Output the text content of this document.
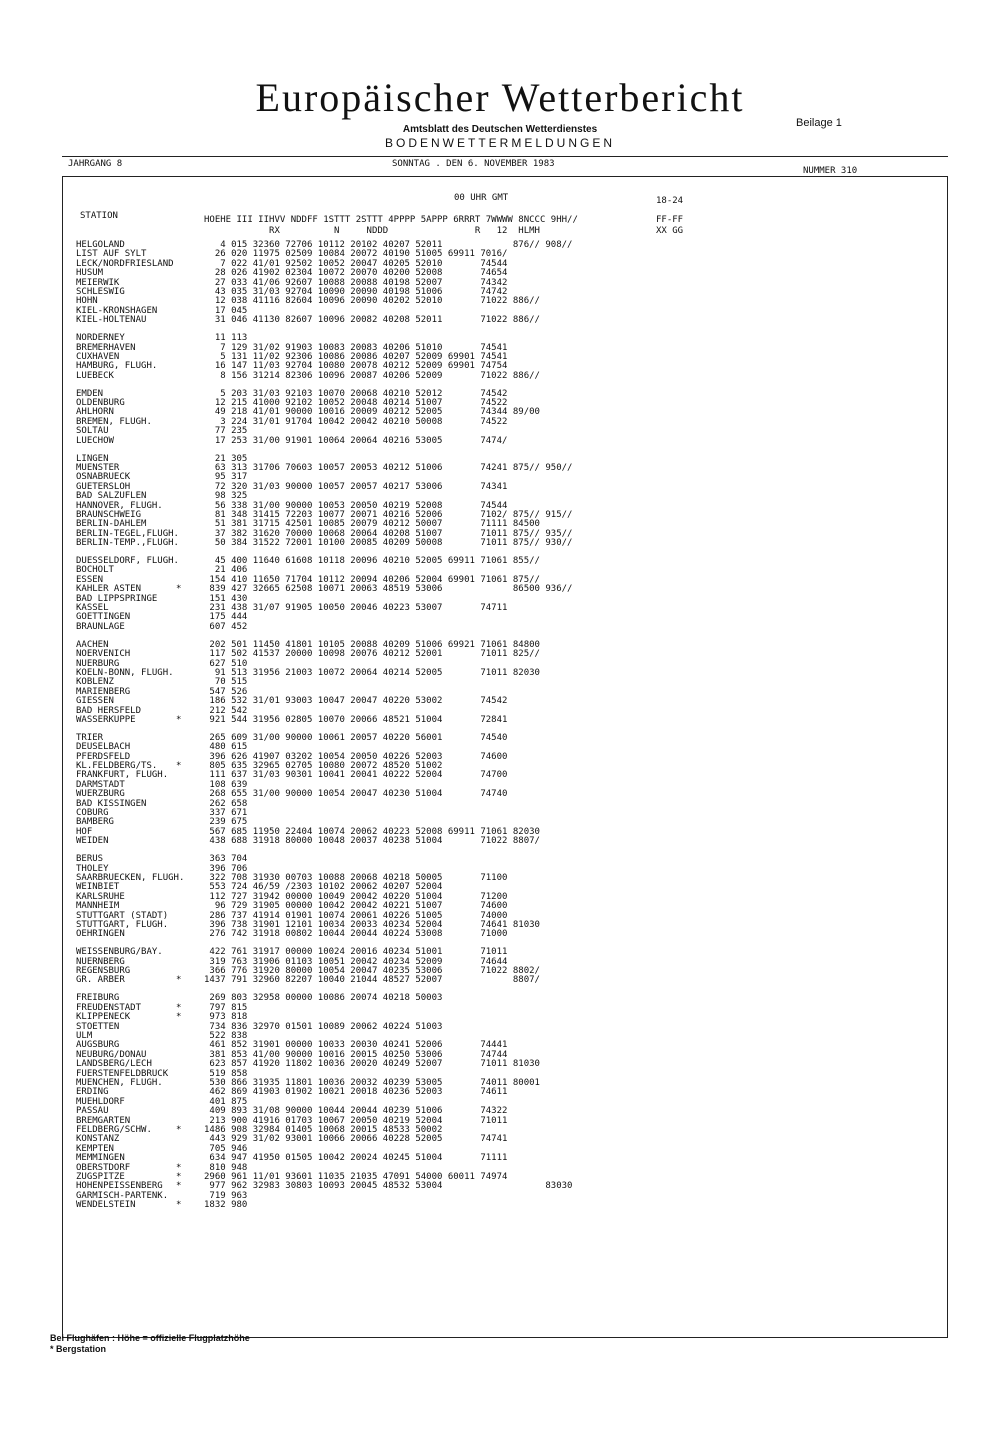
Europäischer Wetterbericht
Amtsblatt des Deutschen Wetterdienstes
BODENWETTERMELDUNGEN
Beilage 1
JAHRGANG 8	SONNTAG . DEN 6. NOVEMBER 1983
NUMMER 310
00 UHR GMT	18-24
STATION	HOEHE III IIHVV NDDFF 1STTT 2STTT 4PPPP 5APPP 6RRRT 7WWWW 8NCCC 9HH//
RX          N     NDDD                R   12  HLMH
FF-FF
XX GG
HELGOLAND	4 015 32360 72706 10112 20102 40207 52011             876// 908//
LIST AUF SYLT	26 020 11975 02509 10084 20072 40190 51005 69911 7016/
LECK/NORDFRIESLAND	7 022 41/01 92502 10052 20047 40205 52010       74544
HUSUM	28 026 41902 02304 10072 20070 40200 52008       74654
MEIERWIK	27 033 41/06 92607 10088 20088 40198 52007       74342
SCHLESWIG	43 035 31/03 92704 10090 20090 40198 51006       74742
HOHN	12 038 41116 82604 10096 20090 40202 52010       71022 886//
KIEL-KRONSHAGEN	17 045
KIEL-HOLTENAU	31 046 41130 82607 10096 20082 40208 52011       71022 886//
NORDERNEY	11 113
BREMERHAVEN	7 129 31/02 91903 10083 20083 40206 51010       74541
CUXHAVEN	5 131 11/02 92306 10086 20086 40207 52009 69901 74541
HAMBURG, FLUGH.	16 147 11/03 92704 10080 20078 40212 52009 69901 74754
LUEBECK	8 156 31214 82306 10096 20087 40206 52009       71022 886//
EMDEN	5 203 31/03 92103 10070 20068 40210 52012       74542
OLDENBURG	12 215 41000 92102 10052 20048 40214 51007       74522
AHLHORN	49 218 41/01 90000 10016 20009 40212 52005       74344 89/00
BREMEN, FLUGH.	3 224 31/01 91704 10042 20042 40210 50008       74522
SOLTAU	77 235
LUECHOW	17 253 31/00 91901 10064 20064 40216 53005       7474/
LINGEN	21 305
MUENSTER	63 313 31706 70603 10057 20053 40212 51006       74241 875// 950//
OSNABRUECK	95 317
GUETERSLOH	72 320 31/03 90000 10057 20057 40217 53006       74341
BAD SALZUFLEN	98 325
HANNOVER, FLUGH.	56 338 31/00 90000 10053 20050 40219 52008       74544
BRAUNSCHWEIG	81 348 31415 72203 10077 20071 40216 52006       7102/ 875// 915//
BERLIN-DAHLEM	51 381 31715 42501 10085 20079 40212 50007       71111 84500
BERLIN-TEGEL,FLUGH.	37 382 31620 70000 10068 20064 40208 51007       71011 875// 935//
BERLIN-TEMP.,FLUGH.	50 384 31522 72001 10100 20085 40209 50008       71011 875// 930//
DUESSELDORF, FLUGH.	45 400 11640 61608 10118 20096 40210 52005 69911 71061 855//
BOCHOLT	21 406
ESSEN	154 410 11650 71704 10112 20094 40206 52004 69901 71061 875//
KAHLER ASTEN	*	839 427 32665 62508 10071 20063 48519 53006             86500 936//
BAD LIPPSPRINGE	151 430
KASSEL	231 438 31/07 91905 10050 20046 40223 53007       74711
GOETTINGEN	175 444
BRAUNLAGE	607 452
AACHEN	202 501 11450 41801 10105 20088 40209 51006 69921 71061 84800
NOERVENICH	117 502 41537 20000 10098 20076 40212 52001       71011 825//
NUERBURG	627 510
KOELN-BONN, FLUGH.	91 513 31956 21003 10072 20064 40214 52005       71011 82030
KOBLENZ	70 515
MARIENBERG	547 526
GIESSEN	186 532 31/01 93003 10047 20047 40220 53002       74542
BAD HERSFELD	212 542
WASSERKUPPE	*	921 544 31956 02805 10070 20066 48521 51004       72841
TRIER	265 609 31/00 90000 10061 20057 40220 56001       74540
DEUSELBACH	480 615
PFERDSFELD	396 626 41907 03202 10054 20050 40226 52003       74600
KL.FELDBERG/TS. *	805 635 32965 02705 10080 20072 48520 51002
FRANKFURT, FLUGH.	111 637 31/03 90301 10041 20041 40222 52004       74700
DARMSTADT	108 639
WUERZBURG	268 655 31/00 90000 10054 20047 40230 51004       74740
BAD KISSINGEN	262 658
COBURG	337 671
BAMBERG	239 675
HOF	567 685 11950 22404 10074 20062 40223 52008 69911 71061 82030
WEIDEN	438 688 31918 80000 10048 20037 40238 51004       71022 8807/
BERUS	363 704
THOLEY	396 706
SAARBRUECKEN, FLUGH. 322 708 31930 00703 10088 20068 40218 50005       71100
WEINBIET	553 724 46/59 /2303 10102 20062 40207 52004
KARLSRUHE	112 727 31942 00000 10049 20042 40220 51004       71200
MANNHEIM	96 729 31905 00000 10042 20042 40221 51007       74600
STUTTGART (STADT)	286 737 41914 01901 10074 20061 40226 51005       74000
STUTTGART, FLUGH.	396 738 31901 12101 10034 20033 40234 52004       74641 81030
OEHRINGEN	276 742 31918 00802 10044 20044 40224 53008       71000
WEISSENBURG/BAY.	422 761 31917 00000 10024 20016 40234 51001       71011
NUERNBERG	319 763 31906 01103 10051 20042 40234 52009       74644
REGENSBURG	366 776 31920 80000 10054 20047 40235 53006       71022 8802/
GR. ARBER	*	1437 791 32960 82207 10040 21044 48527 52007             8807/
FREIBURG	269 803 32958 00000 10086 20074 40218 50003
FREUDENSTADT	*	797 815
KLIPPENECK	*	973 818
STOETTEN	734 836 32970 01501 10089 20062 40224 51003
ULM	522 838
AUGSBURG	461 852 31901 00000 10033 20030 40241 52006       74441
NEUBURG/DONAU	381 853 41/00 90000 10016 20015 40250 53006       74744
LANDSBERG/LECH	623 857 41920 11802 10036 20020 40249 52007       71011 81030
FUERSTENFELDBRUCK	519 858
MUENCHEN, FLUGH.	530 866 31935 11801 10036 20032 40239 53005       74011 80001
ERDING	462 869 41903 01902 10021 20018 40236 52003       74611
MUEHLDORF	401 875
PASSAU	409 893 31/08 90000 10044 20044 40239 51006       74322
BREMGARTEN	213 900 41916 01703 10067 20050 40219 52004       71011
FELDBERG/SCHW.	*	1486 908 32984 01405 10068 20015 48533 50002
KONSTANZ	443 929 31/02 93001 10066 20066 40228 52005       74741
KEMPTEN	705 946
MEMMINGEN	634 947 41950 01505 10042 20024 40245 51004       71111
OBERSTDORF	*	810 948
ZUGSPITZE	*	2960 961 11/01 93601 11035 21035 47091 54000 60011 74974
HOHENPEISSENBERG *	977 962 32983 30803 10093 20045 48532 53004                   83030
GARMISCH-PARTENK.	719 963
WENDELSTEIN	*	1832 980
Bei Flughäfen : Höhe = offizielle Flugplatzhöhe
* Bergstation
